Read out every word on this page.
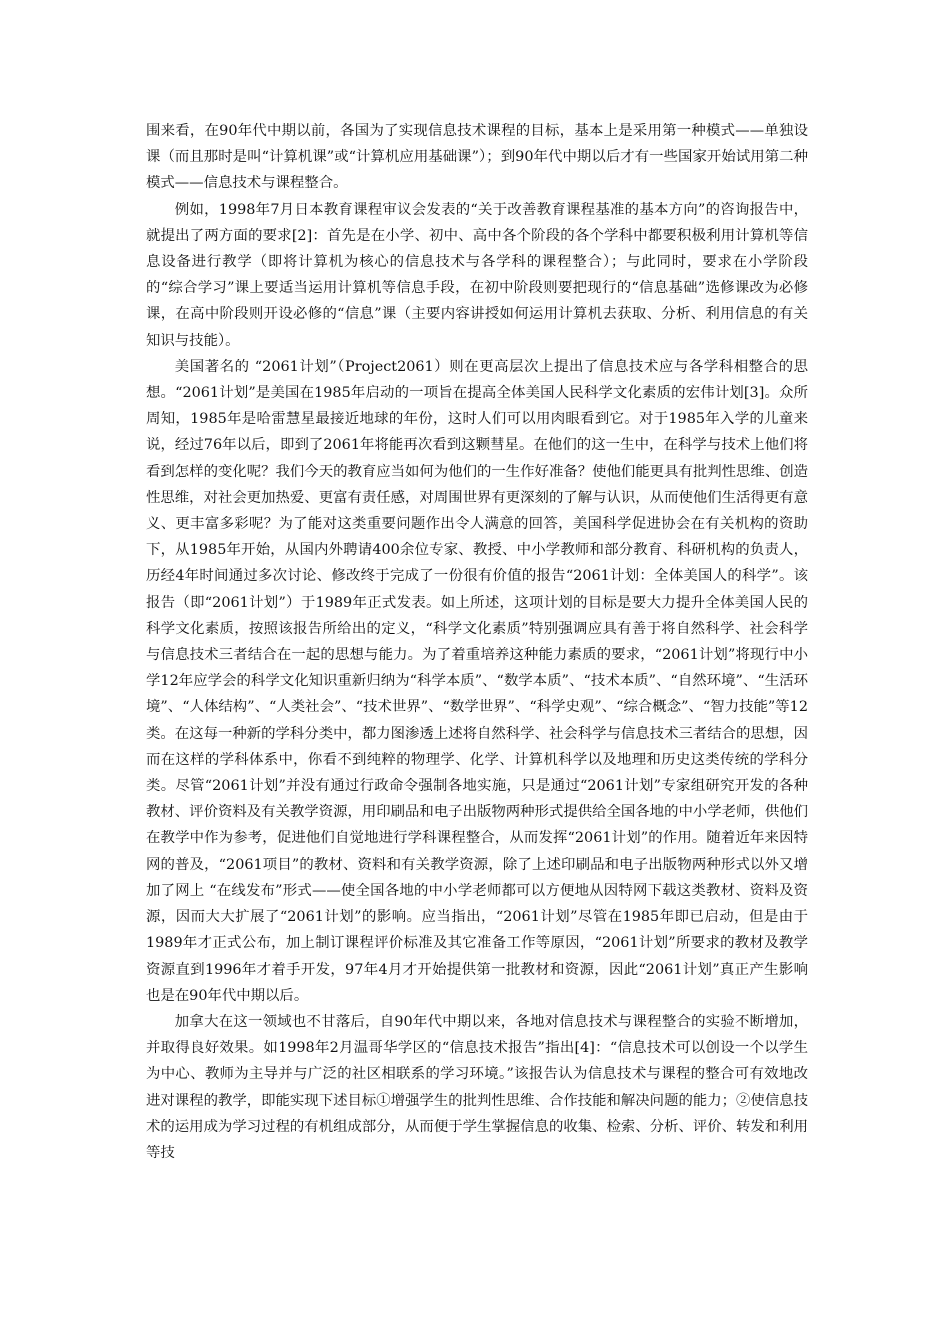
围来看，在90年代中期以前，各国为了实现信息技术课程的目标，基本上是采用第一种模式——单独设课（而且那时是叫“计算机课”或“计算机应用基础课”）；到90年代中期以后才有一些国家开始试用第二种模式——信息技术与课程整合。

例如，1998年7月日本教育课程审议会发表的“关于改善教育课程基准的基本方向”的咨询报告中，就提出了两方面的要求[2]：首先是在小学、初中、高中各个阶段的各个学科中都要积极利用计算机等信息设备进行教学（即将计算机为核心的信息技术与各学科的课程整合）；与此同时，要求在小学阶段的“综合学习”课上要适当运用计算机等信息手段，在初中阶段则要把现行的“信息基础”选修课改为必修课，在高中阶段则开设必修的“信息”课（主要内容讲授如何运用计算机去获取、分析、利用信息的有关知识与技能）。

美国著名的 “2061计划”（Project2061）则在更高层次上提出了信息技术应与各学科相整合的思想。“2061计划”是美国在1985年启动的一项旨在提高全体美国人民科学文化素质的宏伟计划[3]。众所周知，1985年是哈雷慧星最接近地球的年份，这时人们可以用肉眼看到它。对于1985年入学的儿童来说，经过76年以后，即到了2061年将能再次看到这颗彗星。在他们的这一生中，在科学与技术上他们将看到怎样的变化呢？我们今天的教育应当如何为他们的一生作好准备？使他们能更具有批判性思维、创造性思维，对社会更加热爱、更富有责任感，对周围世界有更深刻的了解与认识，从而使他们生活得更有意义、更丰富多彩呢？为了能对这类重要问题作出令人满意的回答，美国科学促进协会在有关机构的资助下，从1985年开始，从国内外聘请400余位专家、教授、中小学教师和部分教育、科研机构的负责人，历经4年时间通过多次讨论、修改终于完成了一份很有价值的报告“2061计划：全体美国人的科学”。该报告（即“2061计划”）于1989年正式发表。如上所述，这项计划的目标是要大力提升全体美国人民的科学文化素质，按照该报告所给出的定义，“科学文化素质”特别强调应具有善于将自然科学、社会科学与信息技术三者结合在一起的思想与能力。为了着重培养这种能力素质的要求，“2061计划”将现行中小学12年应学会的科学文化知识重新归纳为“科学本质”、“数学本质”、“技术本质”、“自然环境”、“生活环境”、“人体结构”、“人类社会”、“技术世界”、“数学世界”、“科学史观”、“综合概念”、“智力技能”等12类。在这每一种新的学科分类中，都力图渗透上述将自然科学、社会科学与信息技术三者结合的思想，因而在这样的学科体系中，你看不到纯粹的物理学、化学、计算机科学以及地理和历史这类传统的学科分类。尽管“2061计划”并没有通过行政命令强制各地实施，只是通过“2061计划”专家组研究开发的各种教材、评价资料及有关教学资源，用印刷品和电子出版物两种形式提供给全国各地的中小学老师，供他们在教学中作为参考，促进他们自觉地进行学科课程整合，从而发挥“2061计划”的作用。随着近年来因特网的普及，“2061项目”的教材、资料和有关教学资源，除了上述印刷品和电子出版物两种形式以外又增加了网上 “在线发布”形式——使全国各地的中小学老师都可以方便地从因特网下载这类教材、资料及资源，因而大大扩展了“2061计划”的影响。应当指出，“2061计划”尽管在1985年即已启动，但是由于1989年才正式公布，加上制订课程评价标准及其它准备工作等原因，“2061计划”所要求的教材及教学资源直到1996年才着手开发，97年4月才开始提供第一批教材和资源，因此“2061计划”真正产生影响也是在90年代中期以后。

加拿大在这一领域也不甘落后，自90年代中期以来，各地对信息技术与课程整合的实验不断增加，并取得良好效果。如1998年2月温哥华学区的“信息技术报告”指出[4]：“信息技术可以创设一个以学生为中心、教师为主导并与广泛的社区相联系的学习环境。”该报告认为信息技术与课程的整合可有效地改进对课程的教学，即能实现下述目标①增强学生的批判性思维、合作技能和解决问题的能力；②使信息技术的运用成为学习过程的有机组成部分，从而便于学生掌握信息的收集、检索、分析、评价、转发和利用等技
